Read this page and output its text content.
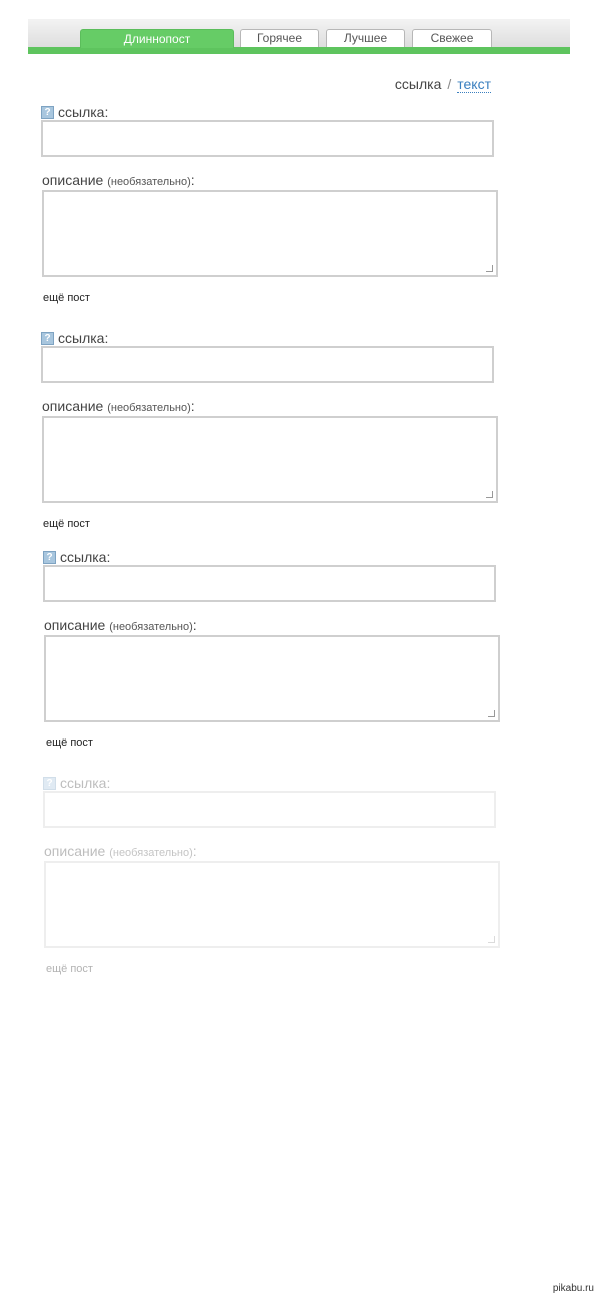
Длиннопост	Горячее	Лучшее	Свежее
ссылка / текст
? ссылка:
описание (необязательно):
ещё пост
? ссылка:
описание (необязательно):
ещё пост
? ссылка:
описание (необязательно):
ещё пост
? ссылка:
описание (необязательно):
ещё пост
pikabu.ru
